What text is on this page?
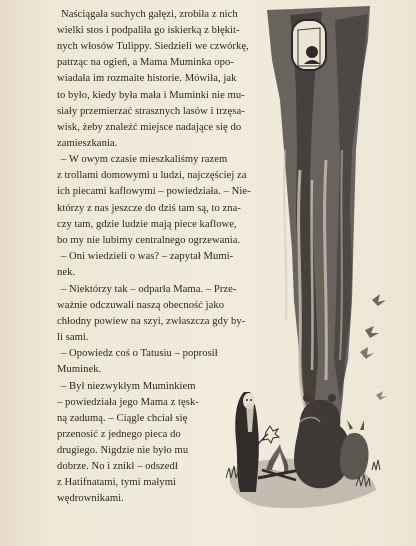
Naściągała suchych gałęzi, zrobiła z nich
wielki stos i podpaliła go iskierką z błękit-
nych włosów Tulippy. Siedzieli we czwórkę,
patrząc na ogień, a Mama Muminka opo-
wiadała im rozmaite historie. Mówiła, jak
to było, kiedy była mała i Muminki nie mu-
siały przemierzać strasznych lasów i trzęsa-
wisk, żeby znaleźć miejsce nadające się do
zamieszkania.
– W owym czasie mieszkaliśmy razem
z trollami domowymi u ludzi, najczęściej za
ich piecami kaflowymi – powiedziała. – Nie-
którzy z nas jeszcze do dziś tam są, to zna-
czy tam, gdzie ludzie mają piece kaflowe,
bo my nie lubimy centralnego ogrzewania.
– Oni wiedzieli o was? – zapytał Mumi-
nek.
– Niektórzy tak – odparła Mama. – Prze-
ważnie odczuwali naszą obecność jako
chłodny powiew na szyi, zwłaszcza gdy by-
li sami.
– Opowiedz coś o Tatusiu – poprosił
Muminek.
– Był niezwykłym Muminkiem
– powiedziała jego Mama z tęsk-
ną zadumą. – Ciągle chciał się
przenosić z jednego pieca do
drugiego. Nigdzie nie było mu
dobrze. No i znikł – odszedł
z Hatifnatami, tymi małymi
wędrownikami.
